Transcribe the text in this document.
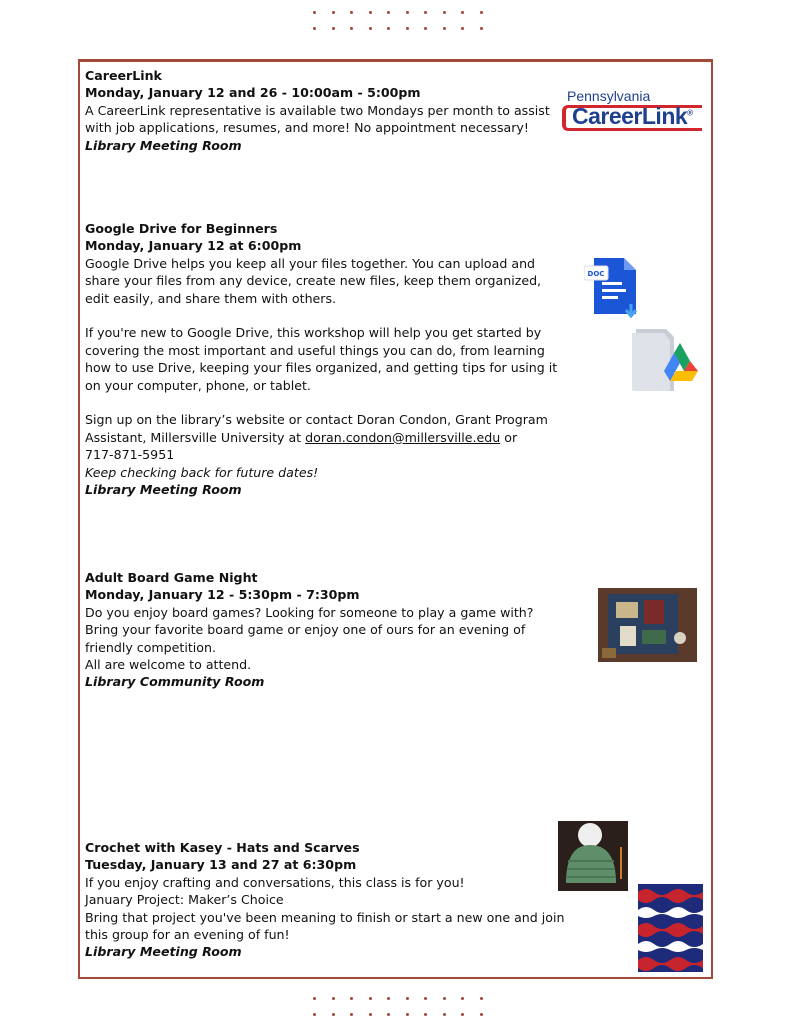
CareerLink

Monday, January 12 and 26 - 10:00am - 5:00pm

A CareerLink representative is available two Mondays per month to assist with job applications, resumes, and more! No appointment necessary!

Library Meeting Room

Pennsylvania
CareerLink®

Google Drive for Beginners

Monday, January 12 at 6:00pm

Google Drive helps you keep all your files together. You can upload and share your files from any device, create new files, keep them organized, edit easily, and share them with others.

If you're new to Google Drive, this workshop will help you get started by covering the most important and useful things you can do, from learning how to use Drive, keeping your files organized, and getting tips for using it on your computer, phone, or tablet.

Sign up on the library’s website or contact Doran Condon, Grant Program Assistant, Millersville University at doran.condon@millersville.edu or

717-871-5951

Keep checking back for future dates!

Library Meeting Room

DOC

Adult Board Game Night

Monday, January 12 - 5:30pm - 7:30pm

Do you enjoy board games? Looking for someone to play a game with? Bring your favorite board game or enjoy one of ours for an evening of friendly competition.

All are welcome to attend.

Library Community Room

Crochet with Kasey - Hats and Scarves

Tuesday, January 13 and 27 at 6:30pm

If you enjoy crafting and conversations, this class is for you!

January Project: Maker’s Choice

Bring that project you've been meaning to finish or start a new one and join this group for an evening of fun!

Library Meeting Room
